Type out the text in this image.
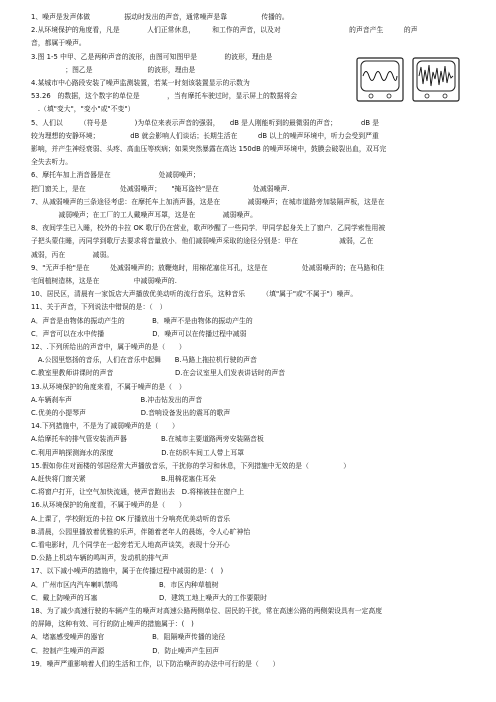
1、噪声是发声体做　　　　　振动时发出的声音，通常噪声是靠　　　　　传播的。
2.从环境保护的角度看，凡是　　　　人们正常休息，　　　和工作的声音，以及对　　　　　　　　　　的声音产生　　　的声
音，都属于噪声。
3.图 1-5 中甲、乙是两种声音的波形，由图可知图甲是　　　　的波形，理由是
　　　　　；图乙是　　　　　　　　的波形，理由是
4.某城市中心路段安装了噪声监测装置，若某一时刻该装置显示的示数为
53.26　的数据，这个数字的单位是　　　　，当有摩托车驶过时，显示屏上的数据将会
　.（填"变大"，"变小"或"不变"）
5、人们以　　　（符号是　　　　)为单位来表示声音的强弱，　　dB 是人刚能听到的最微弱的声音；　　　　dB 是
较为理想的安静环境；　　　　　dB 就会影响人们谈话；长期生活在　　　dB 以上的噪声环境中，听力会受到严重
影响，并产生神经衰弱、头疼、高血压等疾病；如果突然暴露在高达 150dB 的噪声环境中，鼓膜会破裂出血，双耳完
全失去听力。
6、摩托车加上消音器是在　　　　　　　处减弱噪声；
把门窗关上，是在　　　　　处减弱噪声；　　"掩耳盗铃"是在　　　　　处减弱噪声.
7、从减弱噪声的三条途径考虑：在摩托车上加消声器，这是在　　　　减弱噪声；在城市道路旁加装隔声板，这是在
　　　　减弱噪声；在工厂的工人戴噪声耳罩，这是在　　　　减弱噪声。
8、夜间学生已入睡，校外的卡拉 OK 歌厅仍在营业，歌声吵醒了一些同学．甲同学起身关上了窗户．乙同学索性用被
子把头蒙住睡，丙同学到歌厅去要求将音量放小．他们减弱噪声采取的途径分别是：甲在　　　　　　减弱，乙在
减弱，丙在　　　　减弱。
9、"无声手枪"是在　　　处减弱噪声的；放鞭炮时，用棉花塞住耳孔，这是在　　　　　处减弱噪声的；在马路和住
宅间植树造林，这是在　　　　　中减弱噪声的.
10、居民区，清晨有一家饭店大声播放优美动听的流行音乐，这种音乐　　　（填"属于"或"不属于"）噪声。
11、关于声音，下列说法中错误的是：（　）
A．声音是由物体的振动产生的　　　　B．噪声不是由物体的振动产生的
C．声音可以在水中传播　　　　　　　D．噪声可以在传播过程中减弱
12、.下列所给出的声音中，属于噪声的是（　　）
　A.公园里悠扬的音乐，人们在音乐中起舞　　B.马路上拖拉机行驶的声音
C.教室里教师讲课时的声音　　　　　　　　　D.在会议室里人们发表讲话时的声音
13.从环境保护的角度来看，不属于噪声的是（　）
A.车辆刹车声　　　　　　　　　　B.冲击钻发出的声音
C.优美的小提琴声　　　　　　　　D.音响设备发出的震耳的歌声
14.下列措施中，不是为了减弱噪声的是（　　）
A.给摩托车的排气管安装消声器　　　　　B.在城市主要道路两旁安装隔音板
C.利用声呐探测海水的深度　　　　　　　D.在纺织车间工人带上耳罩
15.假如你住对面楼的邻居经常大声播放音乐，干扰你的学习和休息，下列措施中无效的是（　　　　　）
A.赶快将门窗关紧　　　　　　　　　　　B.用棉花塞住耳朵
C.将窗户打开，让空气加快流通，使声音跑出去　D.将棉被挂在窗户上
16.从环境保护的角度看，不属于噪声的是（　　）
A.上课了，学校附近的卡拉 OK 厅播放出十分响亮优美动听的音乐
B.清晨，公园里播放着优雅的乐声，伴随着老年人的晨练，令人心旷神怡
C.看电影时，几个同学在一起旁若无人地高声谈笑，表现十分开心
D.公路上机动车辆的鸣叫声，发动机的排气声
17、以下减小噪声的措施中，属于在传播过程中减弱的是：(　)
A．广州市区内汽车喇叭禁鸣　　　　　　B．市区内种草植树
C．戴上防噪声的耳塞　　　　　　　　　D．建筑工地上噪声大的工作要限时
18、为了减少高速行驶的车辆产生的噪声对高速公路两侧单位、居民的干扰，常在高速公路的两侧架设具有一定高度
的屏障，这种有效、可行的防止噪声的措施属于：(　)
A．堵塞感受噪声的器官　　　　　　　B．阻隔噪声传播的途径
C．控制产生噪声的声源　　　　　　　D．防止噪声产生回声
19．噪声严重影响着人们的生活和工作，以下防治噪声的办法中可行的是（　　）
